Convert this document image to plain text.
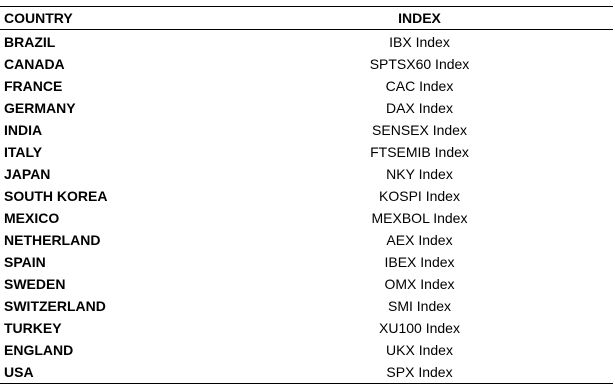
COUNTRY	INDEX
BRAZIL	IBX Index
CANADA	SPTSX60 Index
FRANCE	CAC Index
GERMANY	DAX Index
INDIA	SENSEX Index
ITALY	FTSEMIB Index
JAPAN	NKY Index
SOUTH KOREA	KOSPI Index
MEXICO	MEXBOL Index
NETHERLAND	AEX Index
SPAIN	IBEX Index
SWEDEN	OMX Index
SWITZERLAND	SMI Index
TURKEY	XU100 Index
ENGLAND	UKX Index
USA	SPX Index
